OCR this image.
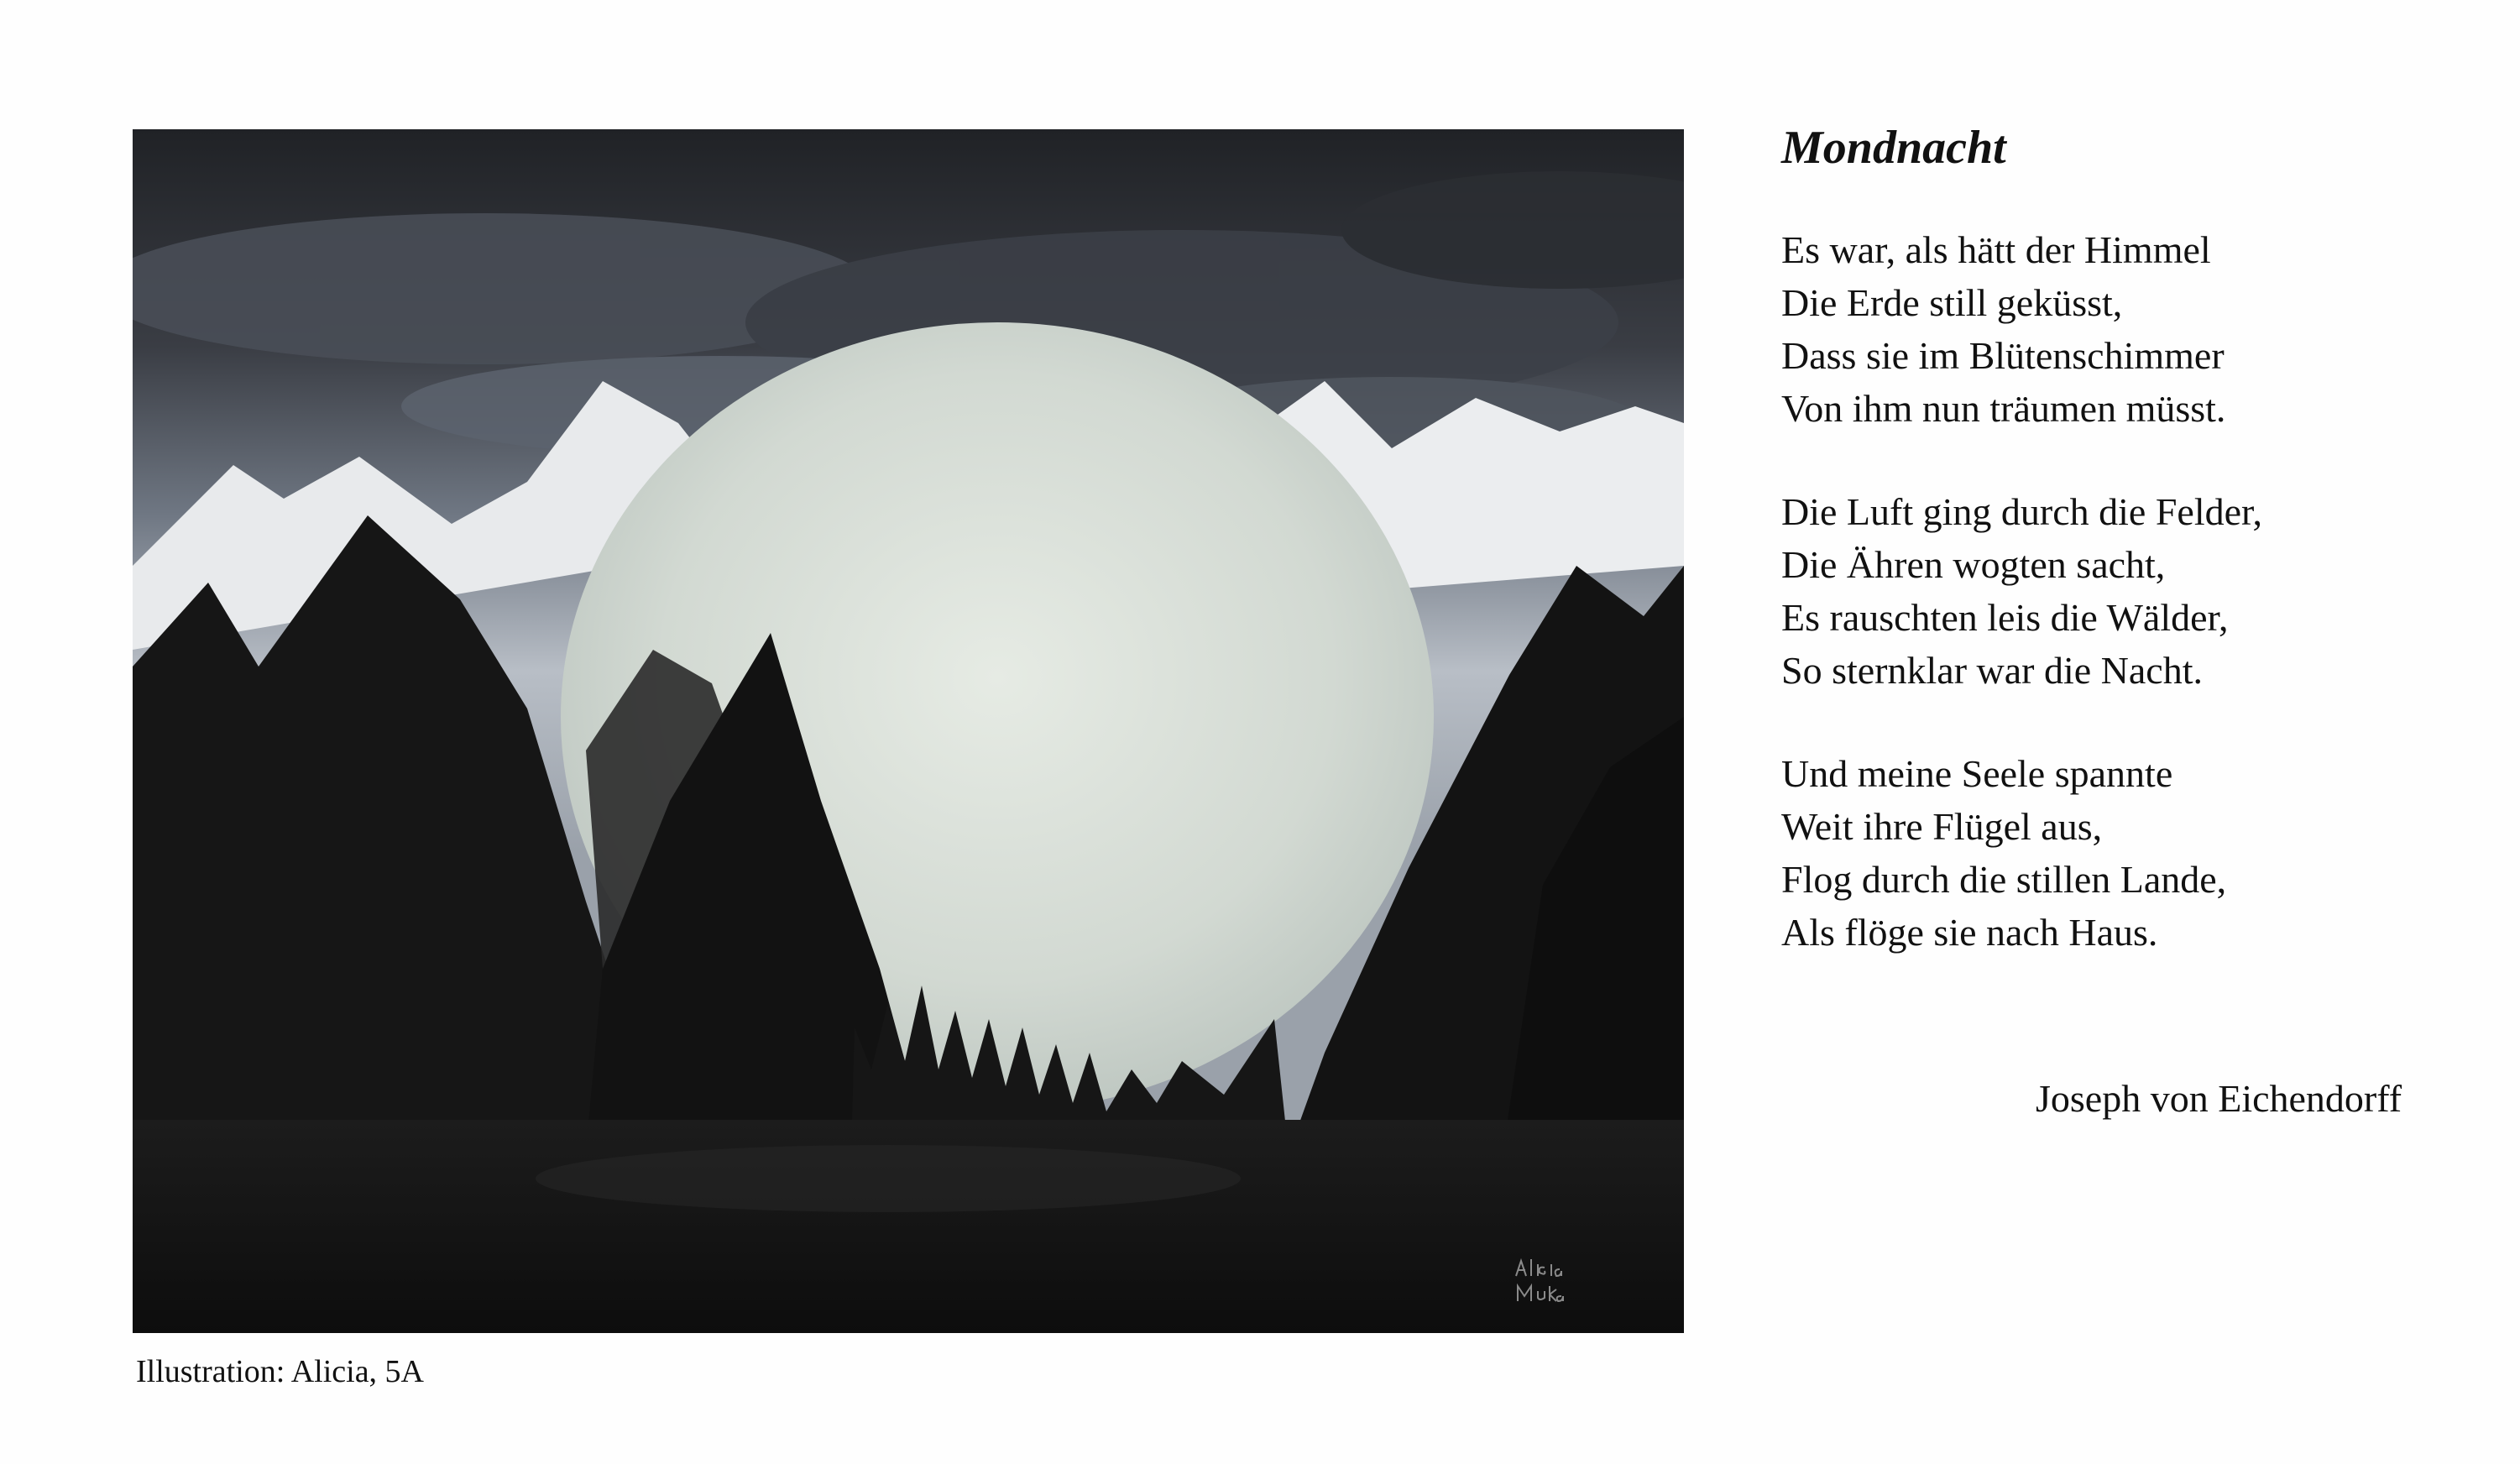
Illustration: Alicia, 5A
Mondnacht
Es war, als hätt der Himmel
Die Erde still geküsst,
Dass sie im Blütenschimmer
Von ihm nun träumen müsst.
Die Luft ging durch die Felder,
Die Ähren wogten sacht,
Es rauschten leis die Wälder,
So sternklar war die Nacht.
Und meine Seele spannte
Weit ihre Flügel aus,
Flog durch die stillen Lande,
Als flöge sie nach Haus.
Joseph von Eichendorff
